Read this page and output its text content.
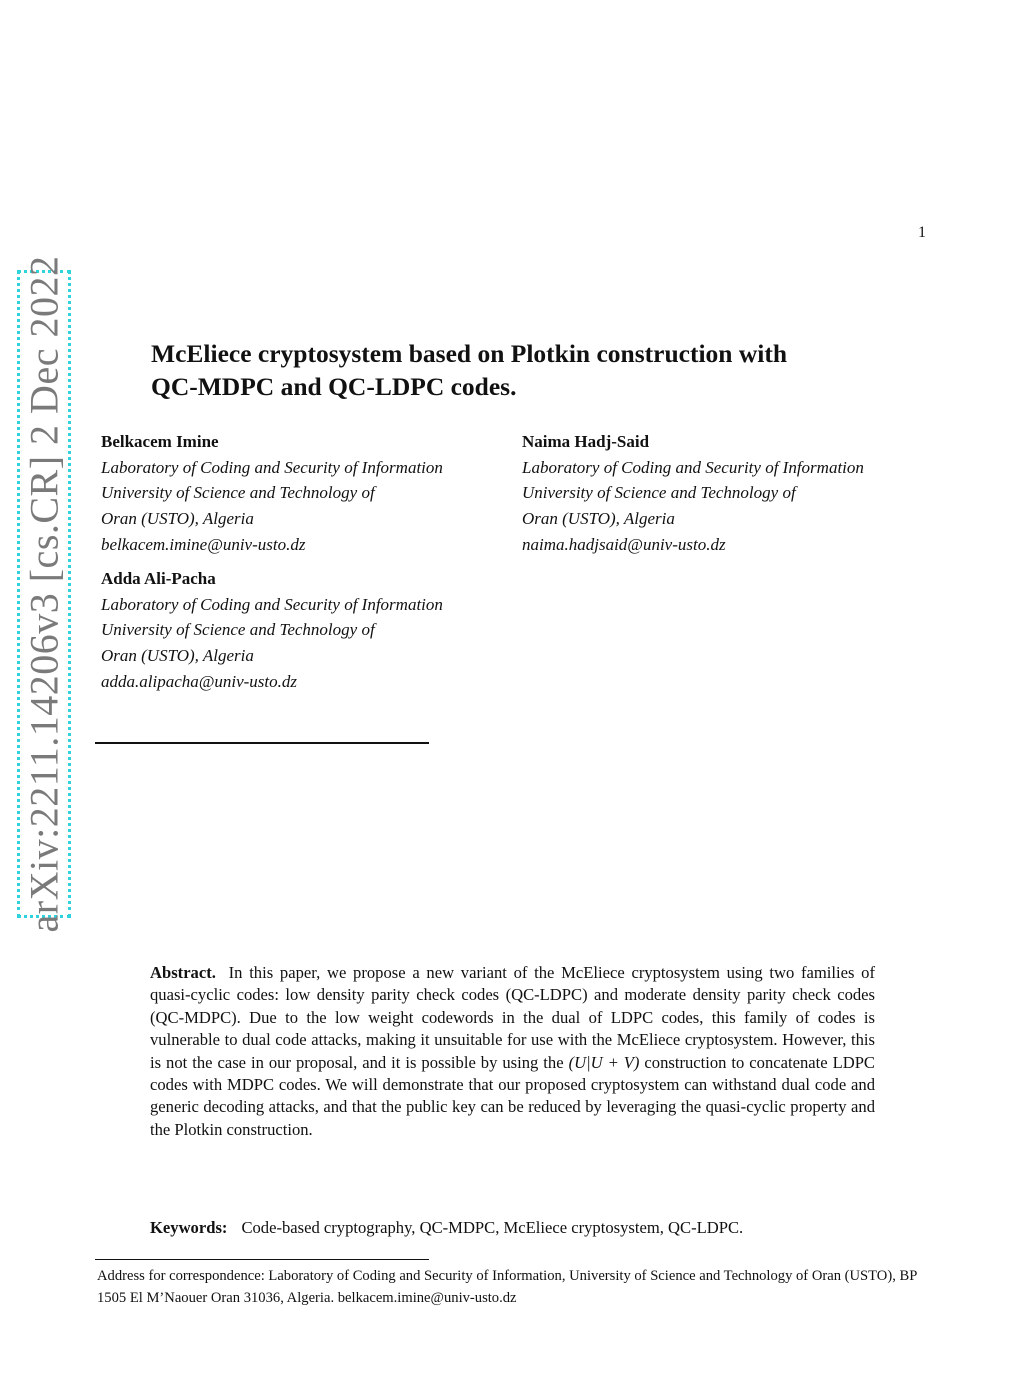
1
arXiv:2211.14206v3 [cs.CR] 2 Dec 2022	McEliece cryptosystem based on Plotkin construction with
QC-MDPC and QC-LDPC codes.
Belkacem Imine
Laboratory of Coding and Security of Information
University of Science and Technology of
Oran (USTO), Algeria
belkacem.imine@univ-usto.dz
Naima Hadj-Said
Laboratory of Coding and Security of Information
University of Science and Technology of
Oran (USTO), Algeria
naima.hadjsaid@univ-usto.dz
Adda Ali-Pacha
Laboratory of Coding and Security of Information
University of Science and Technology of
Oran (USTO), Algeria
adda.alipacha@univ-usto.dz

Abstract. In this paper, we propose a new variant of the McEliece cryptosystem using two families of quasi-cyclic codes: low density parity check codes (QC-LDPC) and moderate density parity check codes (QC-MDPC). Due to the low weight codewords in the dual of LDPC codes, this family of codes is vulnerable to dual code attacks, making it unsuitable for use with the McEliece cryptosystem. However, this is not the case in our proposal, and it is possible by using the (U|U + V) construction to concatenate LDPC codes with MDPC codes. We will demonstrate that our proposed cryptosystem can withstand dual code and generic decoding attacks, and that the public key can be reduced by leveraging the quasi-cyclic property and the Plotkin construction.

Keywords: Code-based cryptography, QC-MDPC, McEliece cryptosystem, QC-LDPC.

Address for correspondence: Laboratory of Coding and Security of Information, University of Science and Technology of Oran (USTO), BP 1505 El M’Naouer Oran 31036, Algeria. belkacem.imine@univ-usto.dz
